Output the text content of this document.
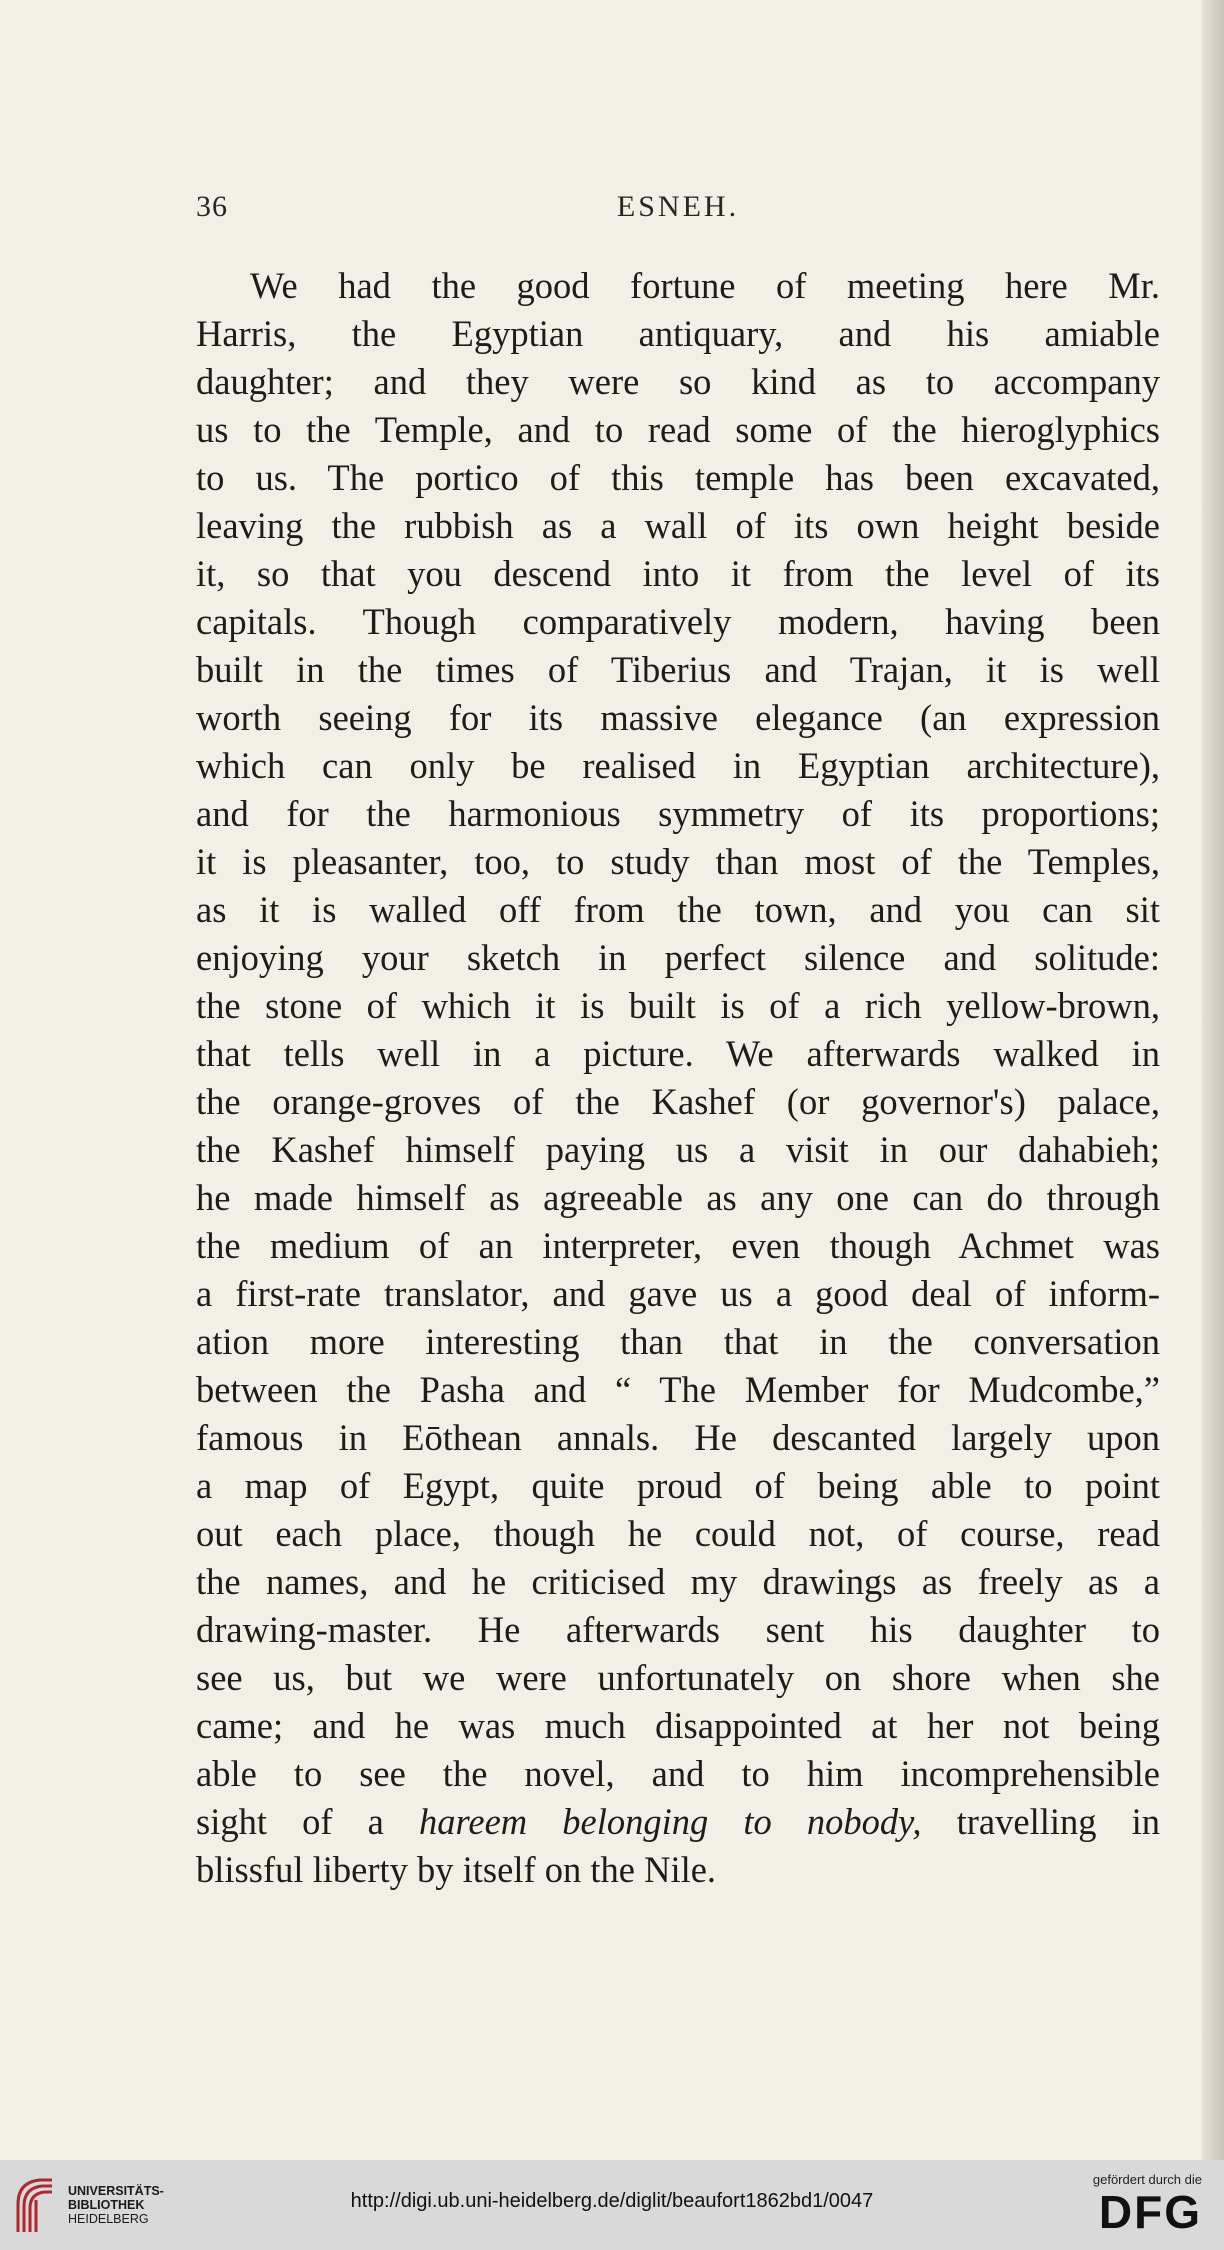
36	ESNEH.
We had the good fortune of meeting here Mr.
Harris, the Egyptian antiquary, and his amiable
daughter; and they were so kind as to accompany
us to the Temple, and to read some of the hieroglyphics
to us. The portico of this temple has been excavated,
leaving the rubbish as a wall of its own height beside
it, so that you descend into it from the level of its
capitals. Though comparatively modern, having been
built in the times of Tiberius and Trajan, it is well
worth seeing for its massive elegance (an expression
which can only be realised in Egyptian architecture),
and for the harmonious symmetry of its proportions;
it is pleasanter, too, to study than most of the Temples,
as it is walled off from the town, and you can sit
enjoying your sketch in perfect silence and solitude:
the stone of which it is built is of a rich yellow-brown,
that tells well in a picture. We afterwards walked in
the orange-groves of the Kashef (or governor's) palace,
the Kashef himself paying us a visit in our dahabieh;
he made himself as agreeable as any one can do through
the medium of an interpreter, even though Achmet was
a first-rate translator, and gave us a good deal of inform-
ation more interesting than that in the conversation
between the Pasha and “ The Member for Mudcombe,”
famous in Eōthean annals. He descanted largely upon
a map of Egypt, quite proud of being able to point
out each place, though he could not, of course, read
the names, and he criticised my drawings as freely as a
drawing-master. He afterwards sent his daughter to
see us, but we were unfortunately on shore when she
came; and he was much disappointed at her not being
able to see the novel, and to him incomprehensible
sight of a hareem belonging to nobody, travelling in
blissful liberty by itself on the Nile.
UNIVERSITÄTS-
BIBLIOTHEK
HEIDELBERG
http://digi.ub.uni-heidelberg.de/diglit/beaufort1862bd1/0047
gefördert durch die
DFG
